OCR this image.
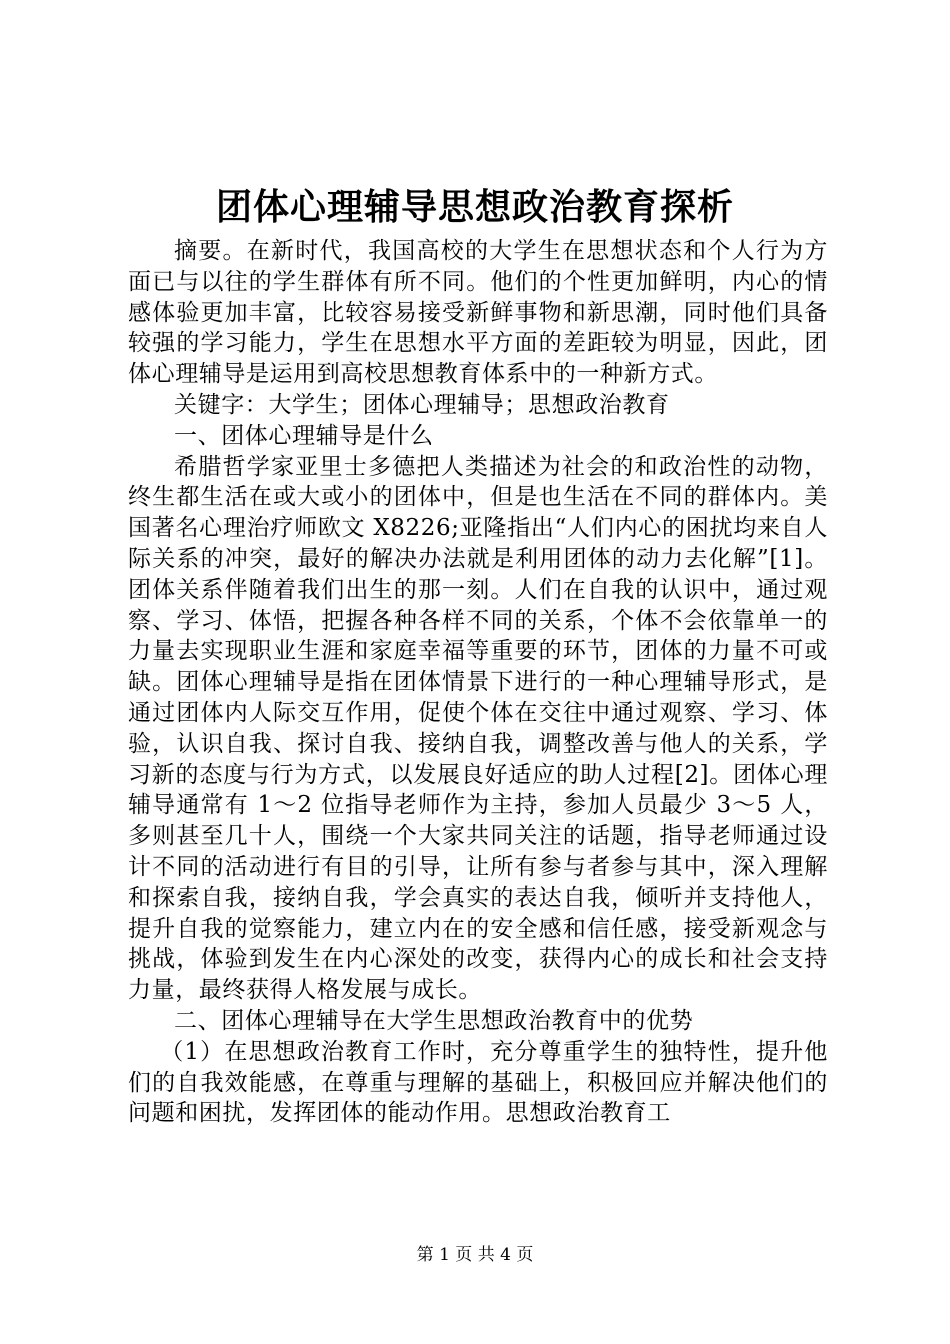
团体心理辅导思想政治教育探析

摘要。在新时代，我国高校的大学生在思想状态和个人行为方面已与以往的学生群体有所不同。他们的个性更加鲜明，内心的情感体验更加丰富，比较容易接受新鲜事物和新思潮，同时他们具备较强的学习能力，学生在思想水平方面的差距较为明显，因此，团体心理辅导是运用到高校思想教育体系中的一种新方式。

关键字：大学生；团体心理辅导；思想政治教育

一、团体心理辅导是什么

希腊哲学家亚里士多德把人类描述为社会的和政治性的动物，终生都生活在或大或小的团体中，但是也生活在不同的群体内。美国著名心理治疗师欧文 X8226;亚隆指出“人们内心的困扰均来自人际关系的冲突，最好的解决办法就是利用团体的动力去化解”[1]。团体关系伴随着我们出生的那一刻。人们在自我的认识中，通过观察、学习、体悟，把握各种各样不同的关系，个体不会依靠单一的力量去实现职业生涯和家庭幸福等重要的环节，团体的力量不可或缺。团体心理辅导是指在团体情景下进行的一种心理辅导形式，是通过团体内人际交互作用，促使个体在交往中通过观察、学习、体验，认识自我、探讨自我、接纳自我，调整改善与他人的关系，学习新的态度与行为方式，以发展良好适应的助人过程[2]。团体心理辅导通常有 1～2 位指导老师作为主持，参加人员最少 3～5 人，多则甚至几十人，围绕一个大家共同关注的话题，指导老师通过设计不同的活动进行有目的引导，让所有参与者参与其中，深入理解和探索自我，接纳自我，学会真实的表达自我，倾听并支持他人，提升自我的觉察能力，建立内在的安全感和信任感，接受新观念与挑战，体验到发生在内心深处的改变，获得内心的成长和社会支持力量，最终获得人格发展与成长。

二、团体心理辅导在大学生思想政治教育中的优势

（1）在思想政治教育工作时，充分尊重学生的独特性，提升他们的自我效能感，在尊重与理解的基础上，积极回应并解决他们的问题和困扰，发挥团体的能动作用。思想政治教育工

第 1 页 共 4 页
